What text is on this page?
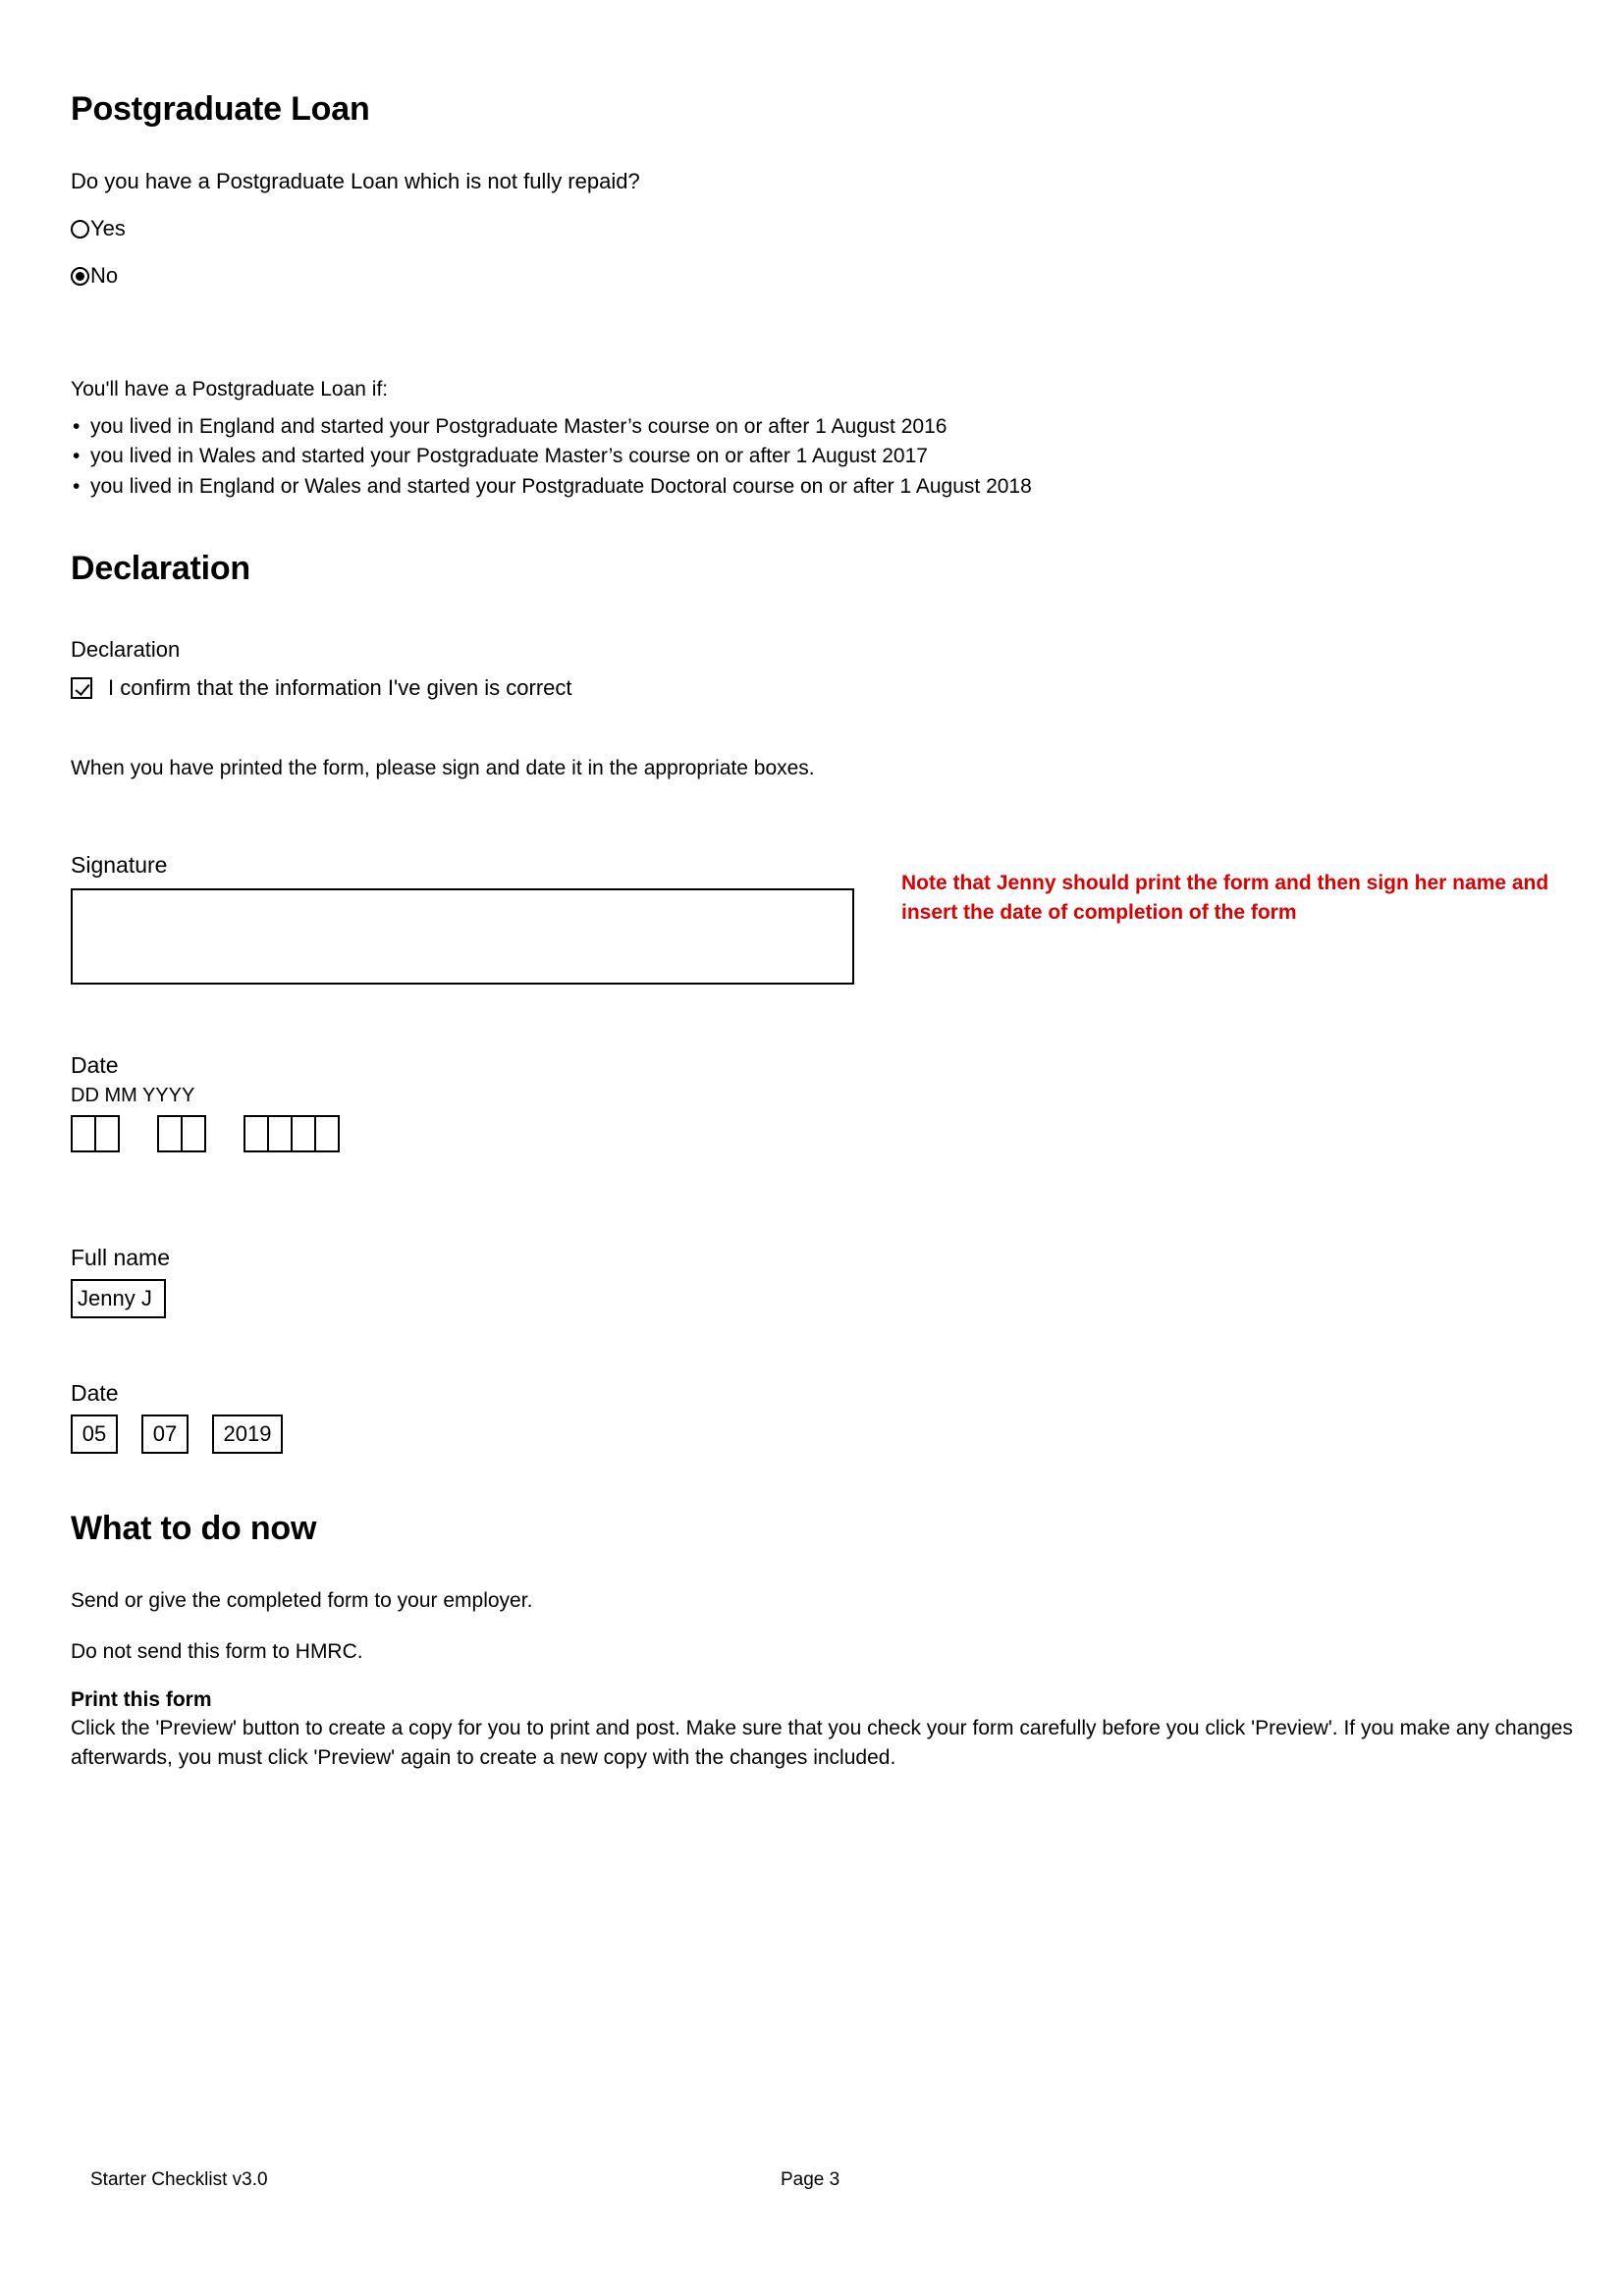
Postgraduate Loan

Do you have a Postgraduate Loan which is not fully repaid?

Yes
No

You'll have a Postgraduate Loan if:

• you lived in England and started your Postgraduate Master’s course on or after 1 August 2016
• you lived in Wales and started your Postgraduate Master’s course on or after 1 August 2017
• you lived in England or Wales and started your Postgraduate Doctoral course on or after 1 August 2018
Declaration

Declaration

I confirm that the information I've given is correct

When you have printed the form, please sign and date it in the appropriate boxes.

Signature

Note that Jenny should print the form and then sign her name and insert the date of completion of the form

Date

DD MM YYYY

Full name

Jenny J

Date

05	07	2019
What to do now

Send or give the completed form to your employer.

Do not send this form to HMRC.

Print this form

Click the 'Preview' button to create a copy for you to print and post. Make sure that you check your form carefully before you click 'Preview'. If you make any changes afterwards, you must click 'Preview' again to create a new copy with the changes included.

Starter Checklist v3.0	Page 3
